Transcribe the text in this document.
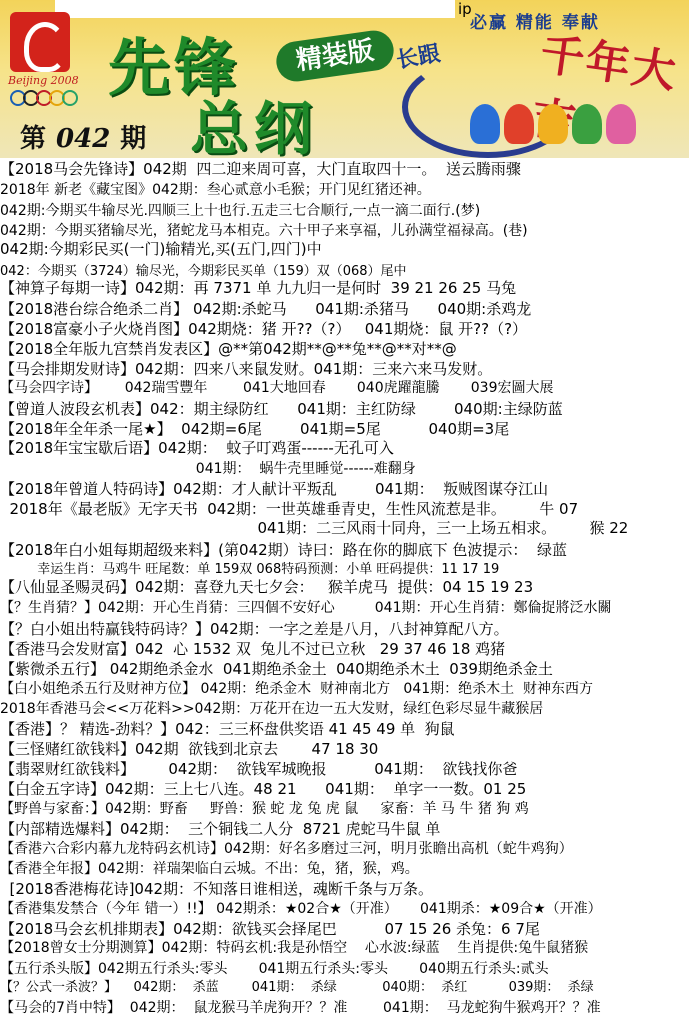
ip
必赢 精能 奉献
Beijing 2008 先锋	精装版
总纲
第 042 期
长跟 千年大吉
【2018马会先锋诗】042期  四二迎来周可喜，大门直取四十一。  送云腾雨骤
2018年 新老《藏宝图》042期：叁心贰意小毛猴；开门见红猪还神。
042期:今期买牛输尽光.四顺三上十也行.五走三七合顺行,一点一滴二面行.(梦)
042期：今期买猪输尽光，猪蛇龙马本相克。六十甲子来享福，儿孙满堂福禄高。(巷)
042期:今期彩民买(一门)输精光,买(五门,四门)中
042：今期买（3724）输尽光，今期彩民买单（159）双（068）尾中
【神算子每期一诗】042期：再 7371 单 九九归一是何时  39 21 26 25 马兔
【2018港台综合绝杀二肖】 042期:杀蛇马      041期:杀猪马      040期:杀鸡龙
【2018富豪小子火烧肖图】042期烧：猪 开??（?）   041期烧：鼠 开??（?）
【2018全年版九宫禁肖发表区】@**第042期**@**兔**@**对**@
【马会排期发财诗】042期：四来八来鼠发财。041期：三来六来马发财。
【马会四字诗】      042瑞雪豐年        041大地回春       040虎躍龍騰       039宏圖大展
【曾道人波段玄机表】042：期主绿防红      041期：主红防绿        040期:主绿防蓝
【2018年全年杀一尾★】  042期=6尾        041期=5尾          040期=3尾
【2018年宝宝歇后语】042期：  蚊子叮鸡蛋------无孔可入
041期：  蜗牛壳里睡觉------难翻身
【2018年曾道人特码诗】042期：才人献计平叛乱        041期：  叛贼图谋夺江山
2018年《最老版》无字天书  042期：一世英雄垂青史，生性风流惹是非。       牛 07
041期：二三风雨十同舟，三一上场五相求。       猴 22
【2018年白小姐每期超级来料】(第042期）诗曰：路在你的脚底下 色波提示：  绿蓝
幸运生肖：马鸡牛 旺尾数：单 159双 068特码预测：小单 旺码提供：11 17 19
【八仙显圣赐灵码】042期：喜登九天七夕会：   猴羊虎马  提供：04 15 19 23
【？生肖猜？】042期：开心生肖猜：三四個不安好心         041期：开心生肖猜：鄭倫捉將泛水關
【？白小姐出特赢钱特码诗？】042期：一字之差是八月，八封神算配八方。
【香港马会发财富】042  心 1532 双  兔儿不过已立秋   29 37 46 18 鸡猪
【紫微杀五行】 042期绝杀金水  041期绝杀金土  040期绝杀木土  039期绝杀金土
【白小姐绝杀五行及财神方位】 042期：绝杀金木  财神南北方   041期：绝杀木土  财神东西方
2018年香港马会<<万花料>>042期：万花开在边一五大发财，绿红色彩尽显牛藏猴居
【香港】？ 精选-劲料？】042：三三杯盘供奖语 41 45 49 单  狗鼠
【三怪赌红欲钱料】042期  欲钱到北京去       47 18 30
【翡翠财红欲钱料】       042期：  欲钱军城晚报          041期：  欲钱找你爸
【白金五字诗】042期：三上七八连。48 21      041期：  单字一一数。01 25
【野兽与家畜：】042期：野畜     野兽：猴 蛇 龙 兔 虎 鼠     家畜：羊 马 牛 猪 狗 鸡
【内部精选爆料】042期：  三个铜钱二人分  8721 虎蛇马牛鼠 单
【香港六合彩内幕九龙特码玄机诗】042期：好名多磨过三河，明月张瞻出高机（蛇牛鸡狗）
【香港全年报】042期：祥瑞架临白云城。不出：兔，猪，猴，鸡。
[2018香港梅花诗]042期：不知落日谁相送，魂断千条与万条。
【香港集发禁合（今年 错一）!!】 042期杀：★02合★（开准）     041期杀：★09合★（开准）
【2018马会玄机排期表】042期：欲钱买会择尾巴          07 15 26 杀兔：6 7尾
【2018曾女士分期测算】042期：特码玄机:我是孙悟空    心水波:绿蓝    生肖提供:兔牛鼠猪猴
【五行杀头版】042期五行杀头:零头       041期五行杀头:零头       040期五行杀头:贰头
【？公式一杀波？】    042期：  杀蓝        041期：  杀绿           040期：  杀红          039期：  杀绿
【马会的7肖中特】  042期：  鼠龙猴马羊虎狗开？？准        041期：  马龙蛇狗牛猴鸡开？？准
